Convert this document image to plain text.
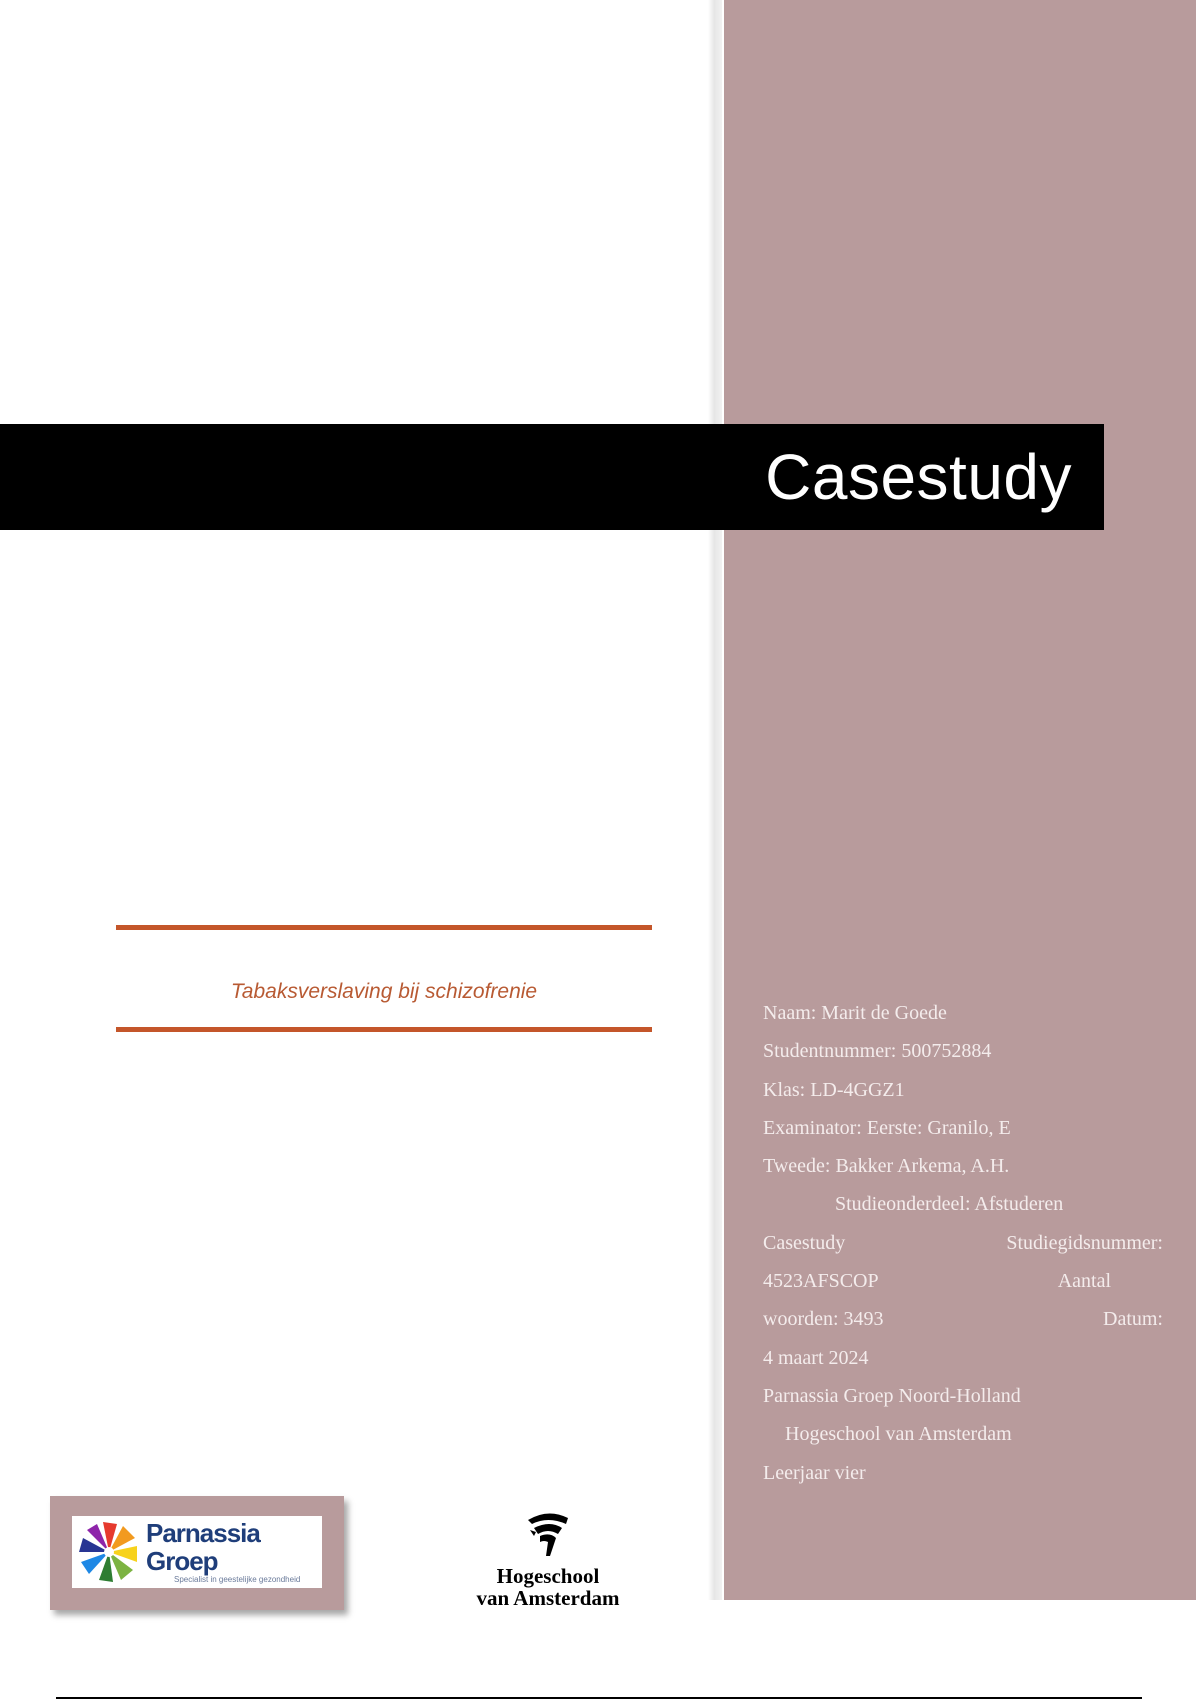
Casestudy
Tabaksverslaving bij schizofrenie
Naam: Marit de Goede
Studentnummer: 500752884
Klas: LD-4GGZ1
Examinator: Eerste: Granilo, E
Tweede: Bakker Arkema, A.H.
Studieonderdeel: Afstuderen
Casestudy	Studiegidsnummer:
4523AFSCOP	Aantal
woorden: 3493	Datum:
4 maart 2024
Parnassia Groep Noord-Holland
Hogeschool van Amsterdam
Leerjaar vier
Parnassia Groep
Specialist in geestelijke gezondheid	Hogeschool
van Amsterdam
